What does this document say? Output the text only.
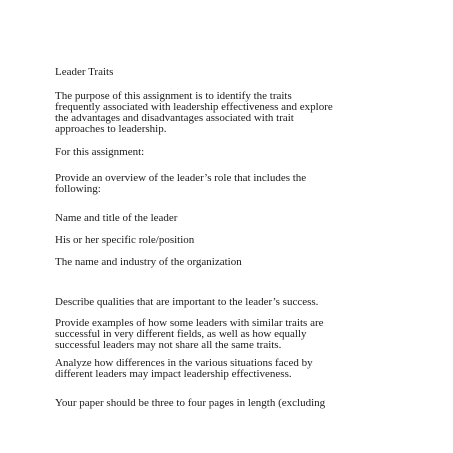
Leader Traits

The purpose of this assignment is to identify the traits

frequently associated with leadership effectiveness and explore

the advantages and disadvantages associated with trait

approaches to leadership.

For this assignment:

Provide an overview of the leader’s role that includes the

following:

Name and title of the leader

His or her specific role/position

The name and industry of the organization

Describe qualities that are important to the leader’s success.

Provide examples of how some leaders with similar traits are

successful in very different fields, as well as how equally

successful leaders may not share all the same traits.

Analyze how differences in the various situations faced by

different leaders may impact leadership effectiveness.

Your paper should be three to four pages in length (excluding
